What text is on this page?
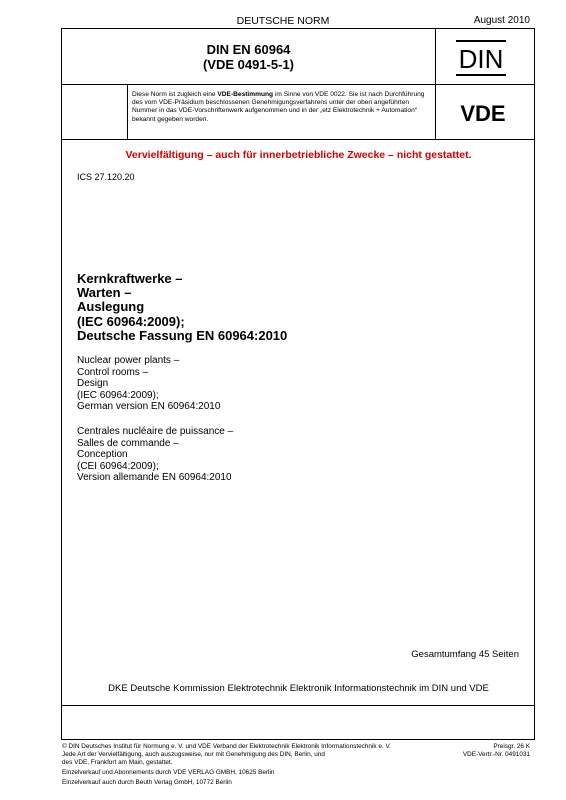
DEUTSCHE NORM	August 2010
DIN EN 60964
(VDE 0491-5-1)	DIN
VDE
Diese Norm ist zugleich eine VDE-Bestimmung im Sinne von VDE 0022. Sie ist nach Durchführung des vom VDE-Präsidium beschlossenen Genehmigungsverfahrens unter der oben angeführten Nummer in das VDE-Vorschriftenwerk aufgenommen und in der „etz Elektrotechnik + Automation“ bekannt gegeben worden.
Vervielfältigung – auch für innerbetriebliche Zwecke – nicht gestattet.
ICS 27.120.20
Kernkraftwerke –
Warten –
Auslegung
(IEC 60964:2009);
Deutsche Fassung EN 60964:2010
Nuclear power plants –
Control rooms –
Design
(IEC 60964:2009);
German version EN 60964:2010
Centrales nucléaire de puissance –
Salles de commande –
Conception
(CEI 60964:2009);
Version allemande EN 60964:2010
Gesamtumfang 45 Seiten
DKE Deutsche Kommission Elektrotechnik Elektronik Informationstechnik im DIN und VDE
© DIN Deutsches Institut für Normung e. V. und VDE Verband der Elektrotechnik Elektronik Informationstechnik e. V.
Jede Art der Vervielfältigung, auch auszugsweise, nur mit Genehmigung des DIN, Berlin, und
des VDE, Frankfurt am Main, gestattet.
Preisgr. 26 K
VDE-Vertr.-Nr. 0491031
Einzelverkauf und Abonnements durch VDE VERLAG GMBH, 10625 Berlin
Einzelverkauf auch durch Beuth Verlag GmbH, 10772 Berlin
